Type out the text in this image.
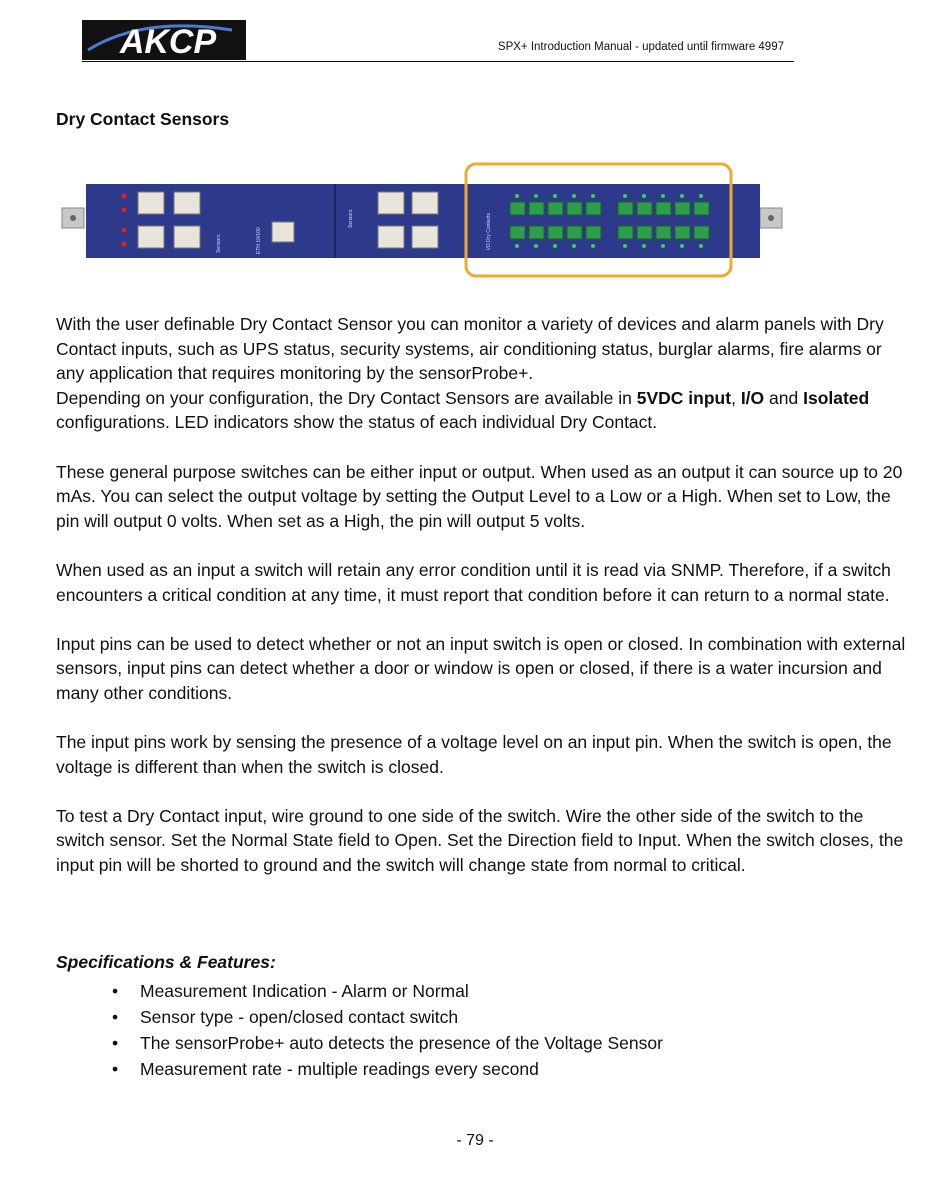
AKCP	SPX+ Introduction Manual - updated until firmware 4997
Dry Contact Sensors
Sensors	ETH 10/100
Sensors	I/O Dry Contacts

With the user definable Dry Contact Sensor you can monitor a variety of devices and alarm panels with Dry Contact inputs, such as UPS status, security systems, air conditioning status, burglar alarms, fire alarms or any application that requires monitoring by the sensorProbe+.

Depending on your configuration, the Dry Contact Sensors are available in 5VDC input, I/O and Isolated configurations. LED indicators show the status of each individual Dry Contact.

These general purpose switches can be either input or output. When used as an output it can source up to 20 mAs. You can select the output voltage by setting the Output Level to a Low or a High. When set to Low, the pin will output 0 volts. When set as a High, the pin will output 5 volts.

When used as an input a switch will retain any error condition until it is read via SNMP. Therefore, if a switch encounters a critical condition at any time, it must report that condition before it can return to a normal state.

Input pins can be used to detect whether or not an input switch is open or closed. In combination with external sensors, input pins can detect whether a door or window is open or closed, if there is a water incursion and many other conditions.

The input pins work by sensing the presence of a voltage level on an input pin. When the switch is open, the voltage is different than when the switch is closed.

To test a Dry Contact input, wire ground to one side of the switch. Wire the other side of the switch to the switch sensor. Set the Normal State field to Open. Set the Direction field to Input. When the switch closes, the input pin will be shorted to ground and the switch will change state from normal to critical.

Specifications & Features:
• Measurement Indication - Alarm or Normal
• Sensor type - open/closed contact switch
• The sensorProbe+ auto detects the presence of the Voltage Sensor
• Measurement rate - multiple readings every second
- 79 -
